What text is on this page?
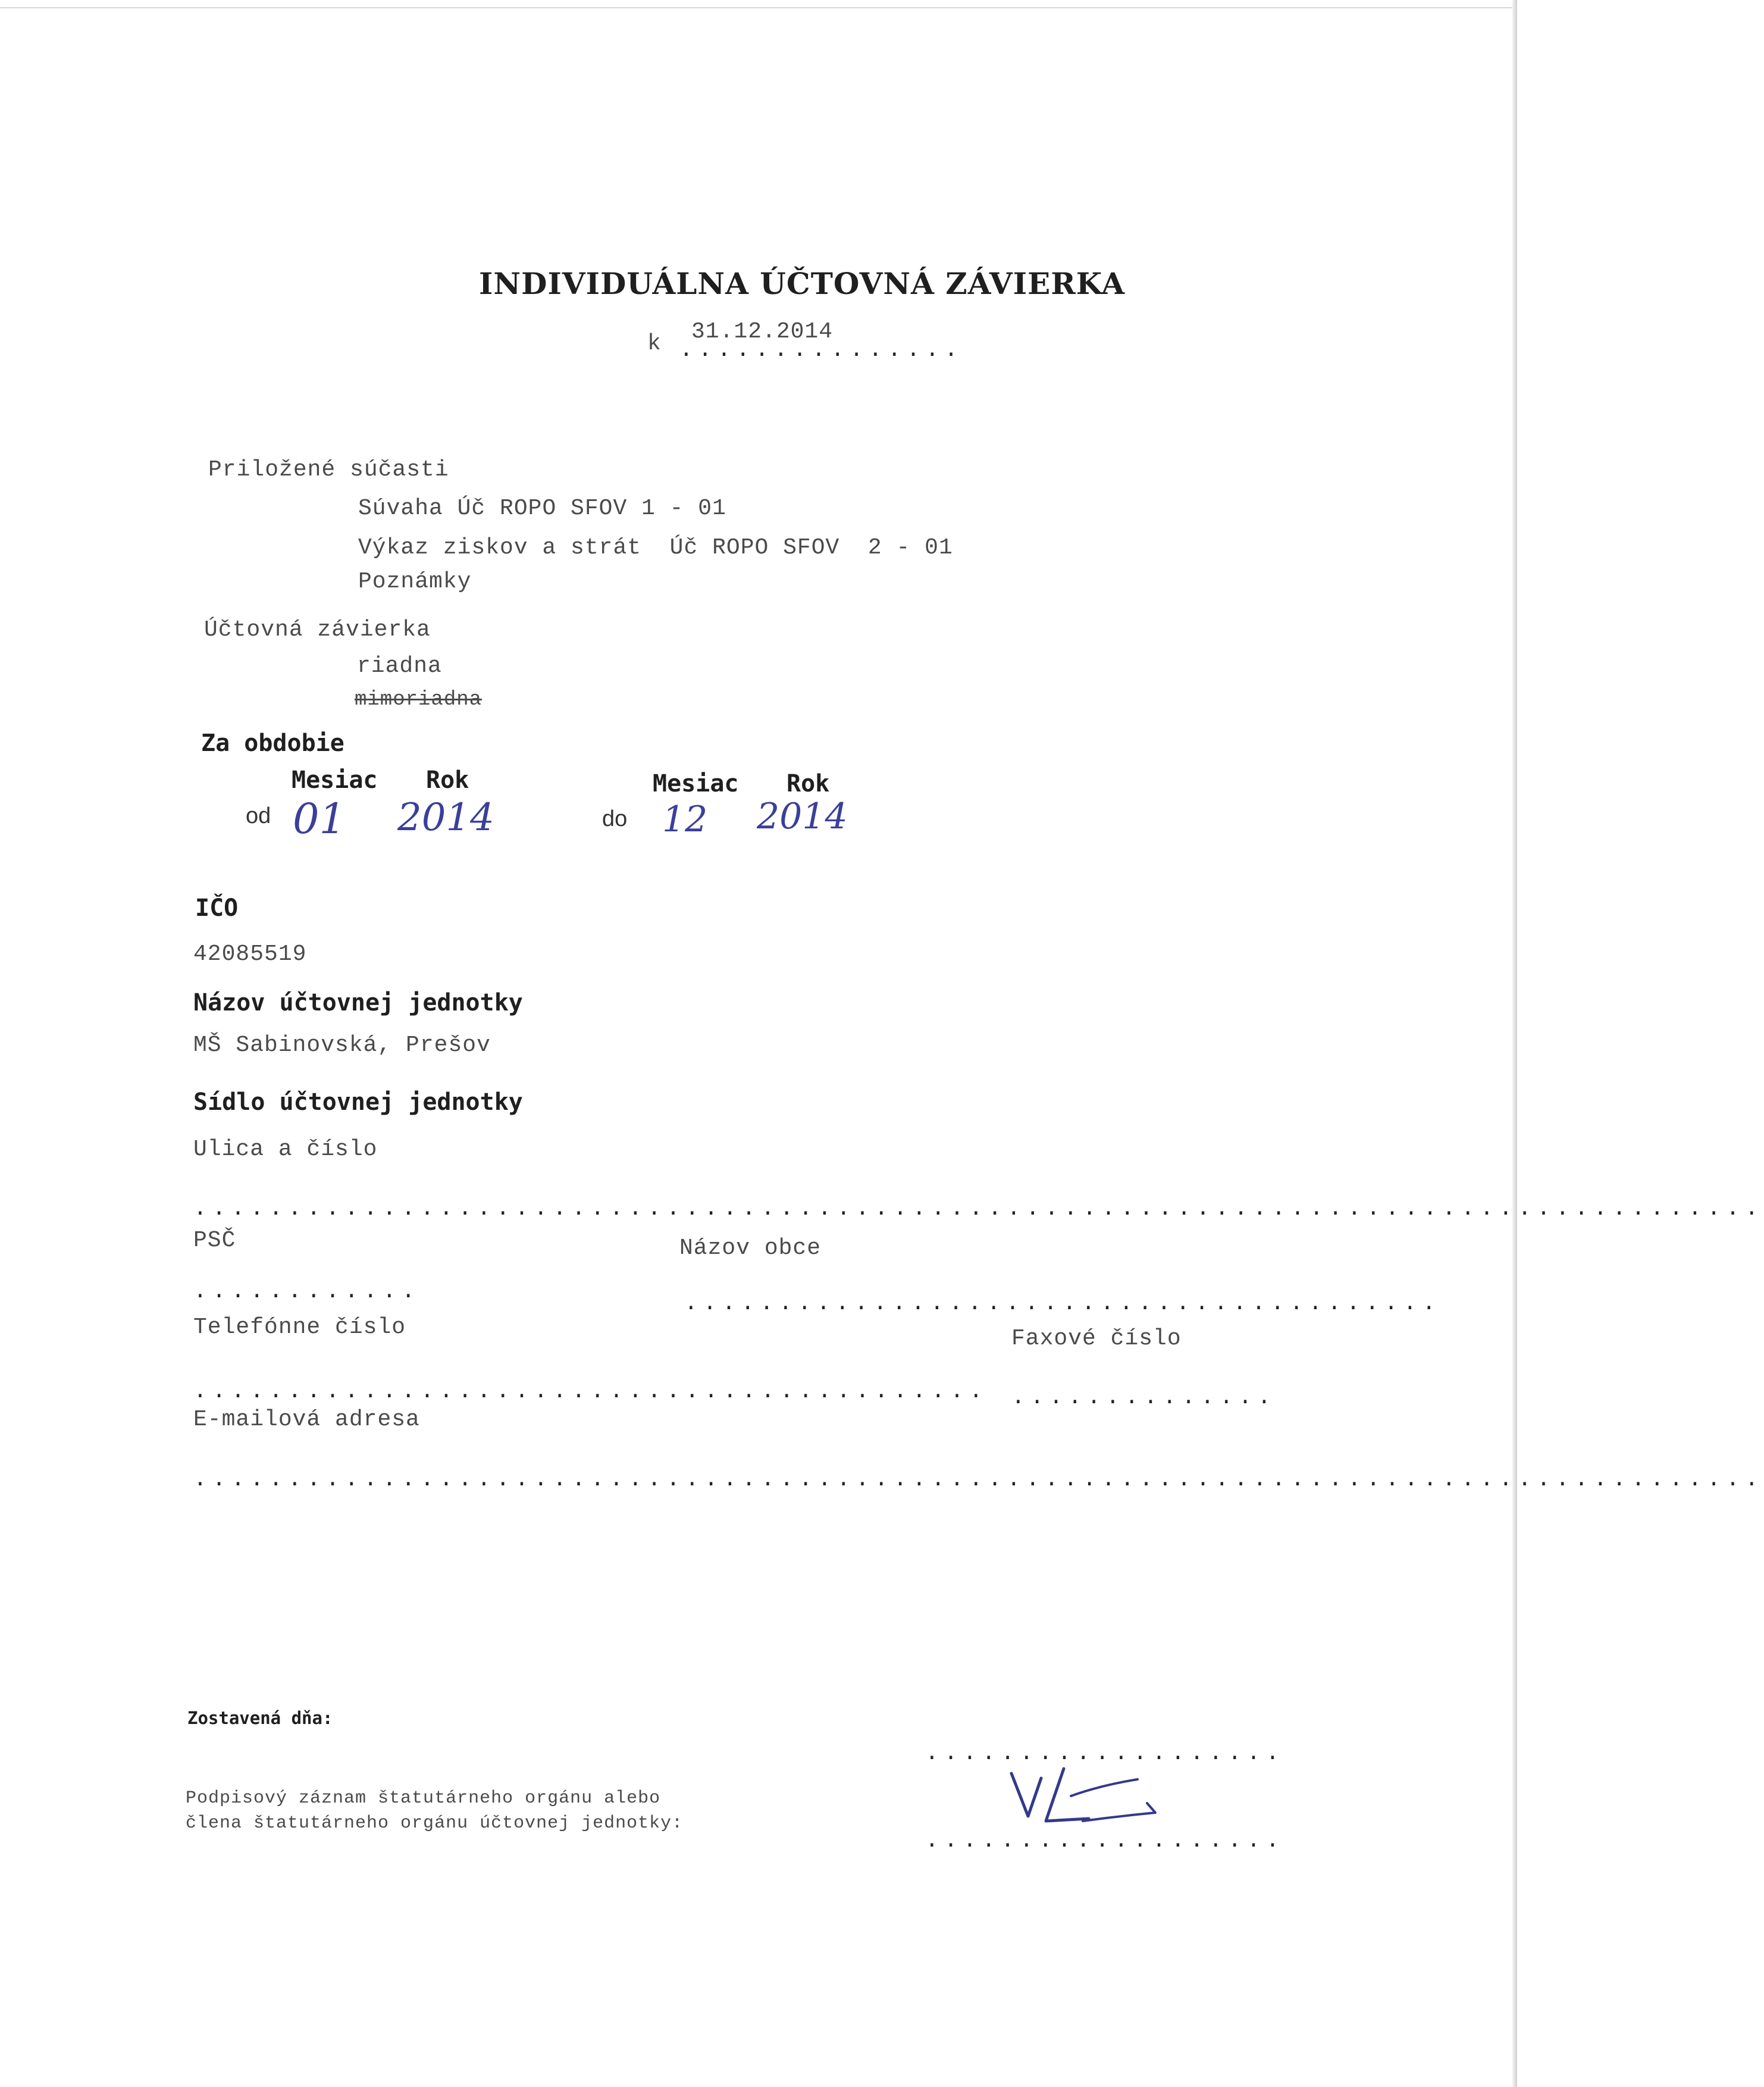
INDIVIDUÁLNA ÚČTOVNÁ ZÁVIERKA
k 31.12.2014
...............
Priložené súčasti
Súvaha Úč ROPO SFOV 1 - 01
Výkaz ziskov a strát  Úč ROPO SFOV  2 - 01
Poznámky
Účtovná závierka
riadna
mimoriadna
Za obdobie
Mesiac Rok	Mesiac Rok
od 01 2014	do 12 2014
IČO
42085519
Názov účtovnej jednotky
MŠ Sabinovská, Prešov
Sídlo účtovnej jednotky
Ulica a číslo
...................................................................................
PSČ	Názov obce
............	........................................
Telefónne číslo	Faxové číslo
.......................................... ..............
E-mailová adresa
...................................................................................
Zostavená dňa:
...................
Podpisový záznam štatutárneho orgánu alebo
člena štatutárneho orgánu účtovnej jednotky:
...................
